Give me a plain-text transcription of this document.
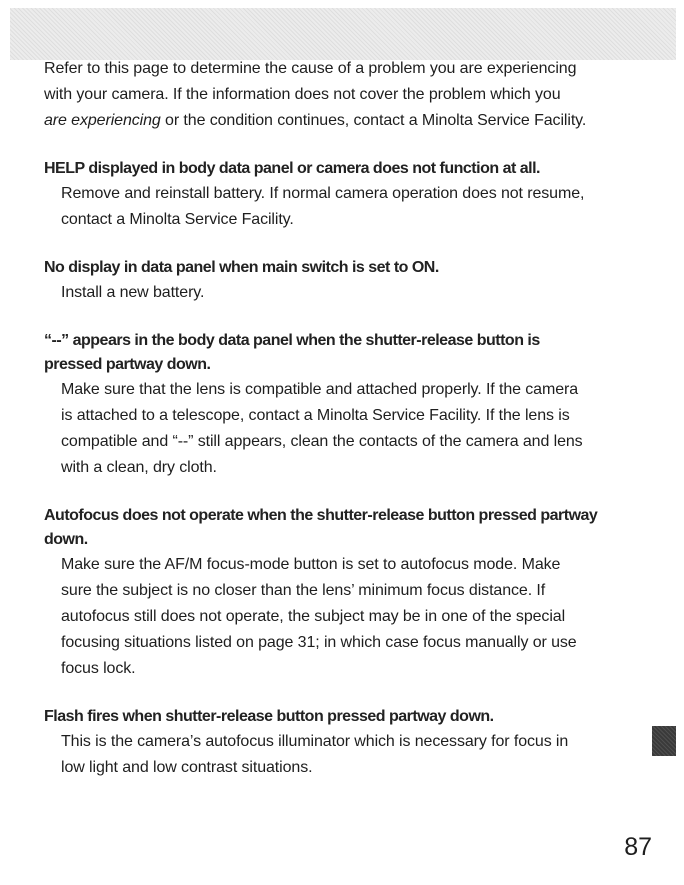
Refer to this page to determine the cause of a problem you are experiencing
with your camera. If the information does not cover the problem which you
are experiencing or the condition continues, contact a Minolta Service Facility.

HELP displayed in body data panel or camera does not function at all.

Remove and reinstall battery. If normal camera operation does not resume,
contact a Minolta Service Facility.

No display in data panel when main switch is set to ON.

Install a new battery.

“--” appears in the body data panel when the shutter-release button is
pressed partway down.

Make sure that the lens is compatible and attached properly. If the camera
is attached to a telescope, contact a Minolta Service Facility. If the lens is
compatible and “--” still appears, clean the contacts of the camera and lens
with a clean, dry cloth.

Autofocus does not operate when the shutter-release button pressed partway
down.

Make sure the AF/M focus-mode button is set to autofocus mode. Make
sure the subject is no closer than the lens’ minimum focus distance. If
autofocus still does not operate, the subject may be in one of the special
focusing situations listed on page 31; in which case focus manually or use
focus lock.

Flash fires when shutter-release button pressed partway down.

This is the camera’s autofocus illuminator which is necessary for focus in
low light and low contrast situations.

87
